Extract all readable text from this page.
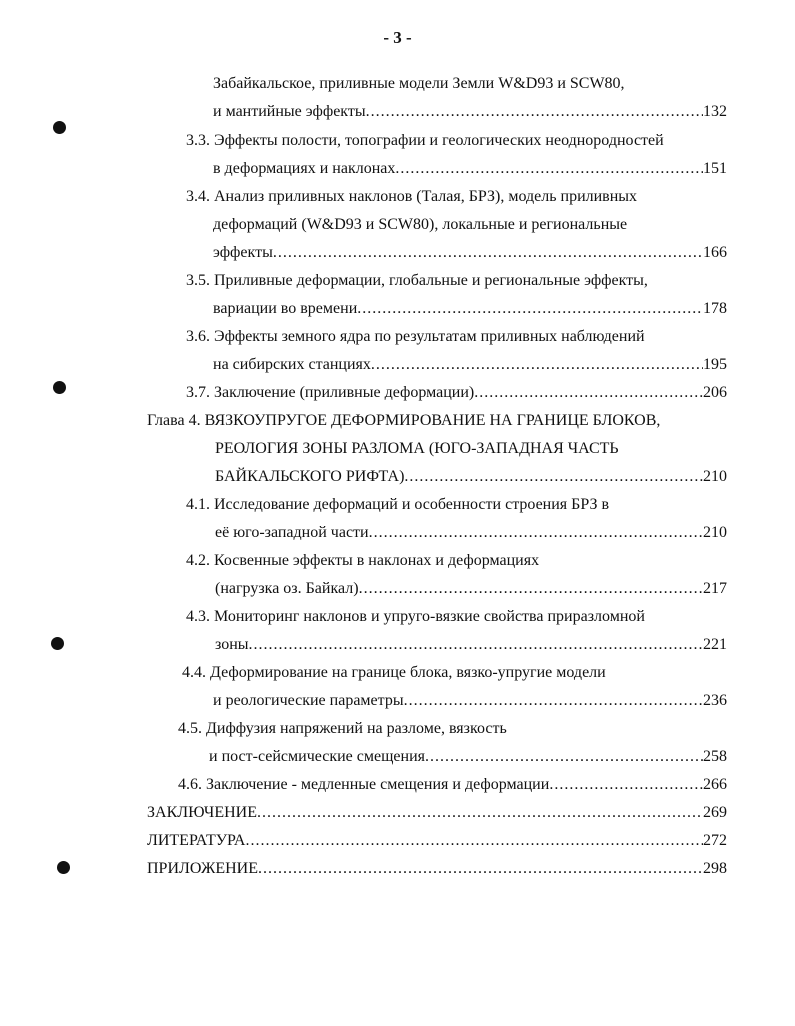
- 3 -
Забайкальское, приливные модели Земли W&D93 и SCW80,
и мантийные эффекты .....	132
3.3. Эффекты полости, топографии и геологических неоднородностей
в деформациях и наклонах .....	151
3.4. Анализ приливных наклонов (Талая, БРЗ), модель приливных
деформаций (W&D93 и SCW80), локальные и региональные
эффекты .....	166
3.5. Приливные деформации, глобальные и региональные эффекты,
вариации во времени .....	178
3.6. Эффекты земного ядра по результатам приливных наблюдений
на сибирских станциях .....	195
3.7. Заключение (приливные деформации) .....	206
Глава 4. ВЯЗКОУПРУГОЕ ДЕФОРМИРОВАНИЕ НА ГРАНИЦЕ БЛОКОВ,
РЕОЛОГИЯ ЗОНЫ РАЗЛОМА (ЮГО-ЗАПАДНАЯ ЧАСТЬ
БАЙКАЛЬСКОГО РИФТА) .....	210
4.1. Исследование деформаций и особенности строения БРЗ в
её юго-западной части .....	210
4.2. Косвенные эффекты в наклонах и деформациях
(нагрузка оз. Байкал) .....	217
4.3. Мониторинг наклонов и упруго-вязкие свойства приразломной
зоны .....	221
4.4. Деформирование на границе блока, вязко-упругие модели
и реологические параметры .....	236
4.5. Диффузия напряжений на разломе, вязкость
и пост-сейсмические смещения .....	258
4.6. Заключение - медленные смещения и деформации .....	266
ЗАКЛЮЧЕНИЕ .....	269
ЛИТЕРАТУРА .....	272
ПРИЛОЖЕНИЕ .....	298
